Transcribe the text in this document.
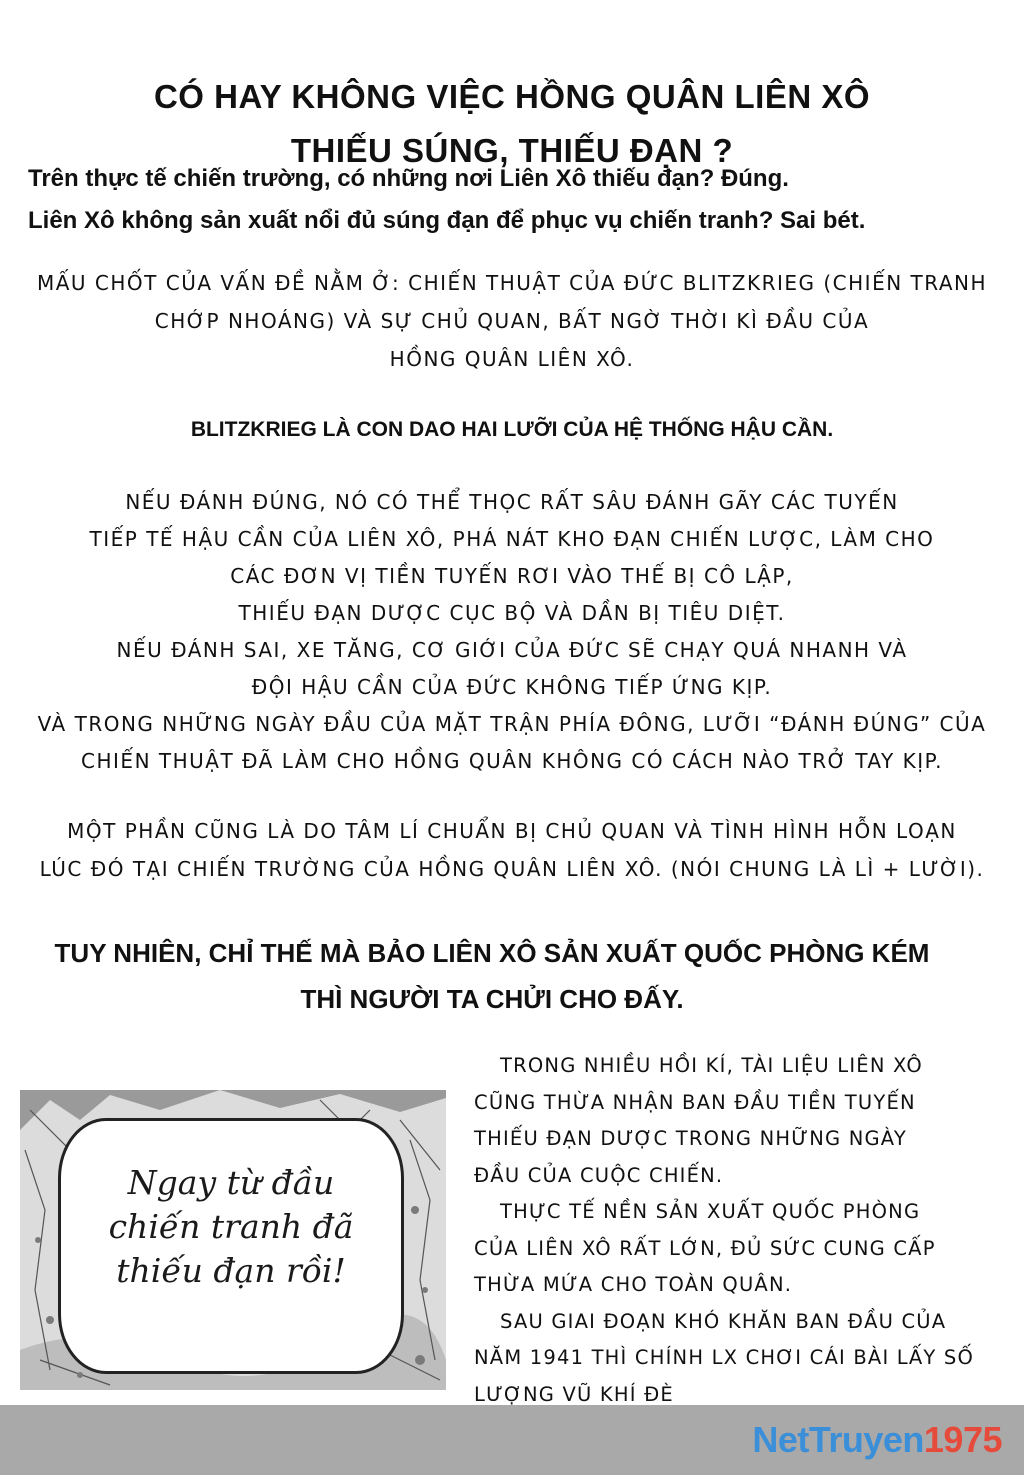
CÓ HAY KHÔNG VIỆC HỒNG QUÂN LIÊN XÔ
THIẾU SÚNG, THIẾU ĐẠN ?
Trên thực tế chiến trường, có những nơi Liên Xô thiếu đạn? Đúng.
Liên Xô không sản xuất nổi đủ súng đạn để phục vụ chiến tranh? Sai bét.
MẤU CHỐT CỦA VẤN ĐỀ NẰM Ở: CHIẾN THUẬT CỦA ĐỨC BLITZKRIEG (CHIẾN TRANH
CHỚP NHOÁNG) VÀ SỰ CHỦ QUAN, BẤT NGỜ THỜI KÌ ĐẦU CỦA
HỒNG QUÂN LIÊN XÔ.
BLITZKRIEG LÀ CON DAO HAI LƯỠI CỦA HỆ THỐNG HẬU CẦN.
NẾU ĐÁNH ĐÚNG, NÓ CÓ THỂ THỌC RẤT SÂU ĐÁNH GÃY CÁC TUYẾN
TIẾP TẾ HẬU CẦN CỦA LIÊN XÔ, PHÁ NÁT KHO ĐẠN CHIẾN LƯỢC, LÀM CHO
CÁC ĐƠN VỊ TIỀN TUYẾN RƠI VÀO THẾ BỊ CÔ LẬP,
THIẾU ĐẠN DƯỢC CỤC BỘ VÀ DẦN BỊ TIÊU DIỆT.
NẾU ĐÁNH SAI, XE TĂNG, CƠ GIỚI CỦA ĐỨC SẼ CHẠY QUÁ NHANH VÀ
ĐỘI HẬU CẦN CỦA ĐỨC KHÔNG TIẾP ỨNG KỊP.
VÀ TRONG NHỮNG NGÀY ĐẦU CỦA MẶT TRẬN PHÍA ĐÔNG, LƯỠI “ĐÁNH ĐÚNG” CỦA
CHIẾN THUẬT ĐÃ LÀM CHO HỒNG QUÂN KHÔNG CÓ CÁCH NÀO TRỞ TAY KỊP.
MỘT PHẦN CŨNG LÀ DO TÂM LÍ CHUẨN BỊ CHỦ QUAN VÀ TÌNH HÌNH HỖN LOẠN
LÚC ĐÓ TẠI CHIẾN TRƯỜNG CỦA HỒNG QUÂN LIÊN XÔ. (NÓI CHUNG LÀ LÌ + LƯỜI).
TUY NHIÊN, CHỈ THẾ MÀ BẢO LIÊN XÔ SẢN XUẤT QUỐC PHÒNG KÉM
THÌ NGƯỜI TA CHỬI CHO ĐẤY.
Ngay từ đầu
chiến tranh đã
thiếu đạn rồi!
TRONG NHIỀU HỒI KÍ, TÀI LIỆU LIÊN XÔ
CŨNG THỪA NHẬN BAN ĐẦU TIỀN TUYẾN
THIẾU ĐẠN DƯỢC TRONG NHỮNG NGÀY
ĐẦU CỦA CUỘC CHIẾN.
THỰC TẾ NỀN SẢN XUẤT QUỐC PHÒNG
CỦA LIÊN XÔ RẤT LỚN, ĐỦ SỨC CUNG CẤP
THỪA MỨA CHO TOÀN QUÂN.
SAU GIAI ĐOẠN KHÓ KHĂN BAN ĐẦU CỦA
NĂM 1941 THÌ CHÍNH LX CHƠI CÁI BÀI LẤY SỐ
LƯỢNG VŨ KHÍ ĐÈ
NetTruyen1975
